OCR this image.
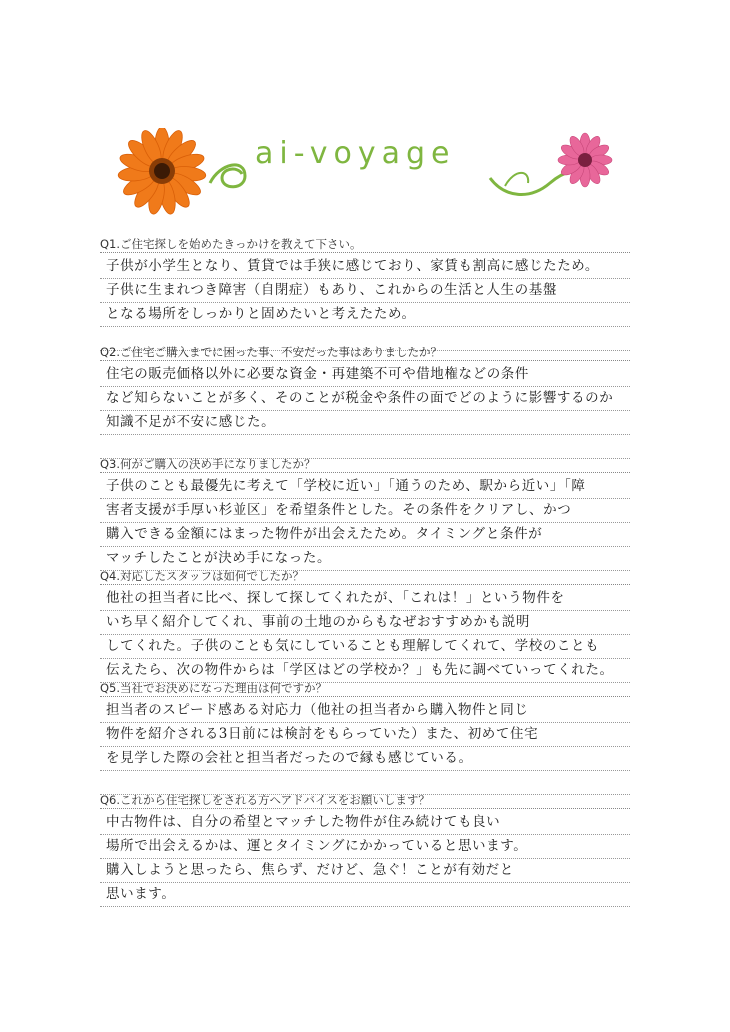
ai-voyage
Q1.ご住宅探しを始めたきっかけを教えて下さい。
子供が小学生となり、賃貸では手狭に感じており、家賃も割高に感じたため。
子供に生まれつき障害（自閉症）もあり、これからの生活と人生の基盤
となる場所をしっかりと固めたいと考えたため。
Q2.ご住宅ご購入までに困った事、不安だった事はありましたか？
住宅の販売価格以外に必要な資金・再建築不可や借地権などの条件
など知らないことが多く、そのことが税金や条件の面でどのように影響するのか
知識不足が不安に感じた。
Q3.何がご購入の決め手になりましたか？
子供のことも最優先に考えて「学校に近い」「通うのため、駅から近い」「障
害者支援が手厚い杉並区」を希望条件とした。その条件をクリアし、かつ
購入できる金額にはまった物件が出会えたため。タイミングと条件が
マッチしたことが決め手になった。
Q4.対応したスタッフは如何でしたか？
他社の担当者に比べ、探して探してくれたが、「これは！」という物件を
いち早く紹介してくれ、事前の土地のからもなぜおすすめかも説明
してくれた。子供のことも気にしていることも理解してくれて、学校のことも
伝えたら、次の物件からは「学区はどの学校か？」も先に調べていってくれた。
Q5.当社でお決めになった理由は何ですか？
担当者のスピード感ある対応力（他社の担当者から購入物件と同じ
物件を紹介される3日前には検討をもらっていた）また、初めて住宅
を見学した際の会社と担当者だったので縁も感じている。
Q6.これから住宅探しをされる方へアドバイスをお願いします？
中古物件は、自分の希望とマッチした物件が住み続けても良い
場所で出会えるかは、運とタイミングにかかっていると思います。
購入しようと思ったら、焦らず、だけど、急ぐ！ことが有効だと
思います。
